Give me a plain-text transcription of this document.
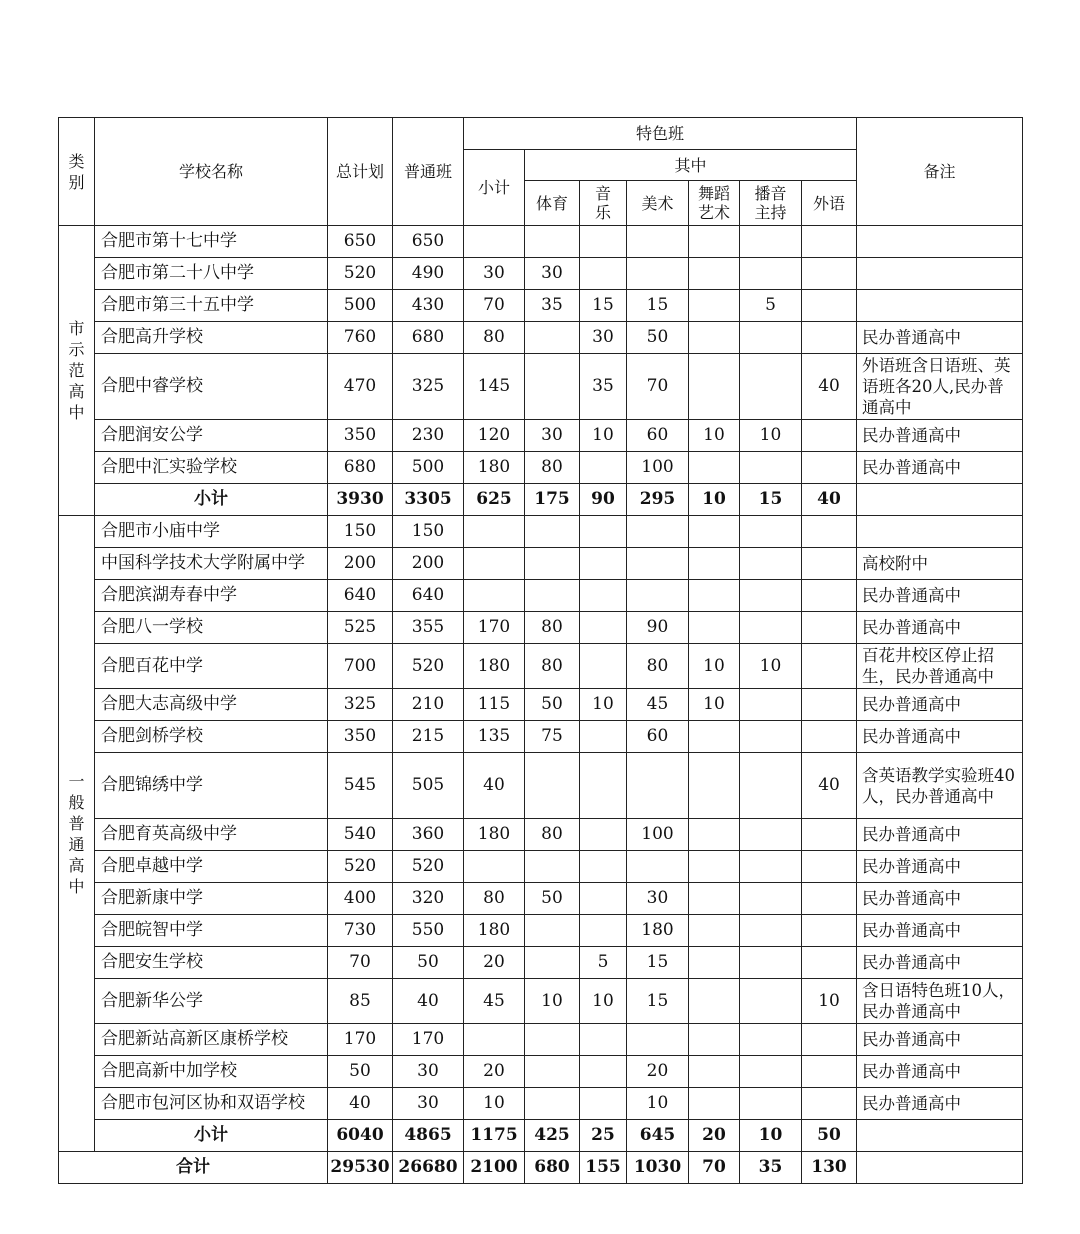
类别	学校名称	总计划	普通班	特色班							备注
				小计	其中						
					体育	音乐	美术	舞蹈艺术	播音主持	外语	

市示范高中	合肥市第十七中学	650	650								
	合肥市第二十八中学	520	490	30	30						
	合肥市第三十五中学	500	430	70	35	15	15		5		
	合肥高升学校	760	680	80		30	50				民办普通高中
	合肥中睿学校	470	325	145		35	70			40	外语班含日语班、英语班各20人,民办普通高中
	合肥润安公学	350	230	120	30	10	60	10	10		民办普通高中
	合肥中汇实验学校	680	500	180	80		100				民办普通高中
	小计	3930	3305	625	175	90	295	10	15	40	

一般普通高中	合肥市小庙中学	150	150								
	中国科学技术大学附属中学	200	200								高校附中
	合肥滨湖寿春中学	640	640								民办普通高中
	合肥八一学校	525	355	170	80		90				民办普通高中
	合肥百花中学	700	520	180	80		80	10	10		百花井校区停止招生，民办普通高中
	合肥大志高级中学	325	210	115	50	10	45	10			民办普通高中
	合肥剑桥学校	350	215	135	75		60				民办普通高中
	合肥锦绣中学	545	505	40						40	含英语教学实验班40人，民办普通高中
	合肥育英高级中学	540	360	180	80		100				民办普通高中
	合肥卓越中学	520	520								民办普通高中
	合肥新康中学	400	320	80	50		30				民办普通高中
	合肥皖智中学	730	550	180			180				民办普通高中
	合肥安生学校	70	50	20		5	15				民办普通高中
	合肥新华公学	85	40	45	10	10	15			10	含日语特色班10人，民办普通高中
	合肥新站高新区康桥学校	170	170								民办普通高中
	合肥高新中加学校	50	30	20			20				民办普通高中
	合肥市包河区协和双语学校	40	30	10			10				民办普通高中
	小计	6040	4865	1175	425	25	645	20	10	50	
合计		29530	26680	2100	680	155	1030	70	35	130	
